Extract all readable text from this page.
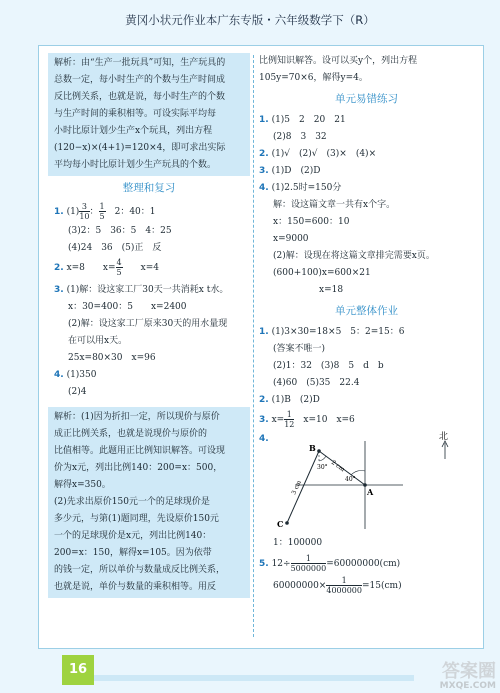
黄冈小状元作业本广东专版・六年级数学下（R）

解析：由“生产一批玩具”可知，生产玩具的

总数一定，每小时生产的个数与生产时间成

反比例关系，也就是说，每小时生产的个数

与生产时间的乘积相等。可设实际平均每

小时比原计划少生产x个玩具，列出方程

(120−x)×(4+1)=120×4，即可求出实际

平均每小时比原计划少生产玩具的个数。

整理和复习

1. $(1) \frac{3}{10}$ ： $\frac{1}{5}$ 　2：40：1

(3)2：5　36：5　4：25

(4)24　36　(5)正　反

2. x=8　　$x= \frac{4}{5}$ 　　x=4

3. (1)解：设这家工厂30天一共消耗x t水。

x：30=400：5　　x=2400

(2)解：设这家工厂原来30天的用水量现

在可以用x天。

25x=80×30　x=96

4. (1)350

(2)4

解析：(1)因为折扣一定，所以现价与原价

成正比例关系，也就是说现价与原价的

比值相等。此题用正比例知识解答。可设现

价为x元，列出比例140：200=x：500，

解得x=350。

(2)先求出原价150元一个的足球现价是

多少元，与第(1)题同理，先设原价150元

一个的足球现价是x元，列出比例140：

200=x：150，解得x=105。因为依带

的钱一定，所以单价与数量成反比例关系，

也就是说，单价与数量的乘积相等。用反

比例知识解答。设可以买y个，列出方程

105y=70×6，解得y=4。

单元易错练习

1. (1)5　2　20　21

(2)8　3　32

2. (1)√　(2)√　(3)×　(4)×

3. (1)D　(2)D

4. (1)2.5时=150分

解：设这篇文章一共有x个字。

x：150=600：10

x=9000

(2)解：设现在将这篇文章排完需要x页。

(600+100)x=600×21

x=18

单元整体作业

1. (1)3×30=18×5　5：2=15：6

(答案不唯一)

(2)1：32　(3)8　5　d　b

(4)60　(5)35　22.4

2. (1)B　(2)D

3. $x= \frac{1}{12}$ 　x=10　x=6

4.	北
B
A
C
2 cm
3 cm
30°
40°
1：100000

5. $12\div \frac{1}{5000000} =60000000(cm)$

$60000000\times \frac{1}{4000000} =15(cm)$

16	答案圈
MXQE.COM
